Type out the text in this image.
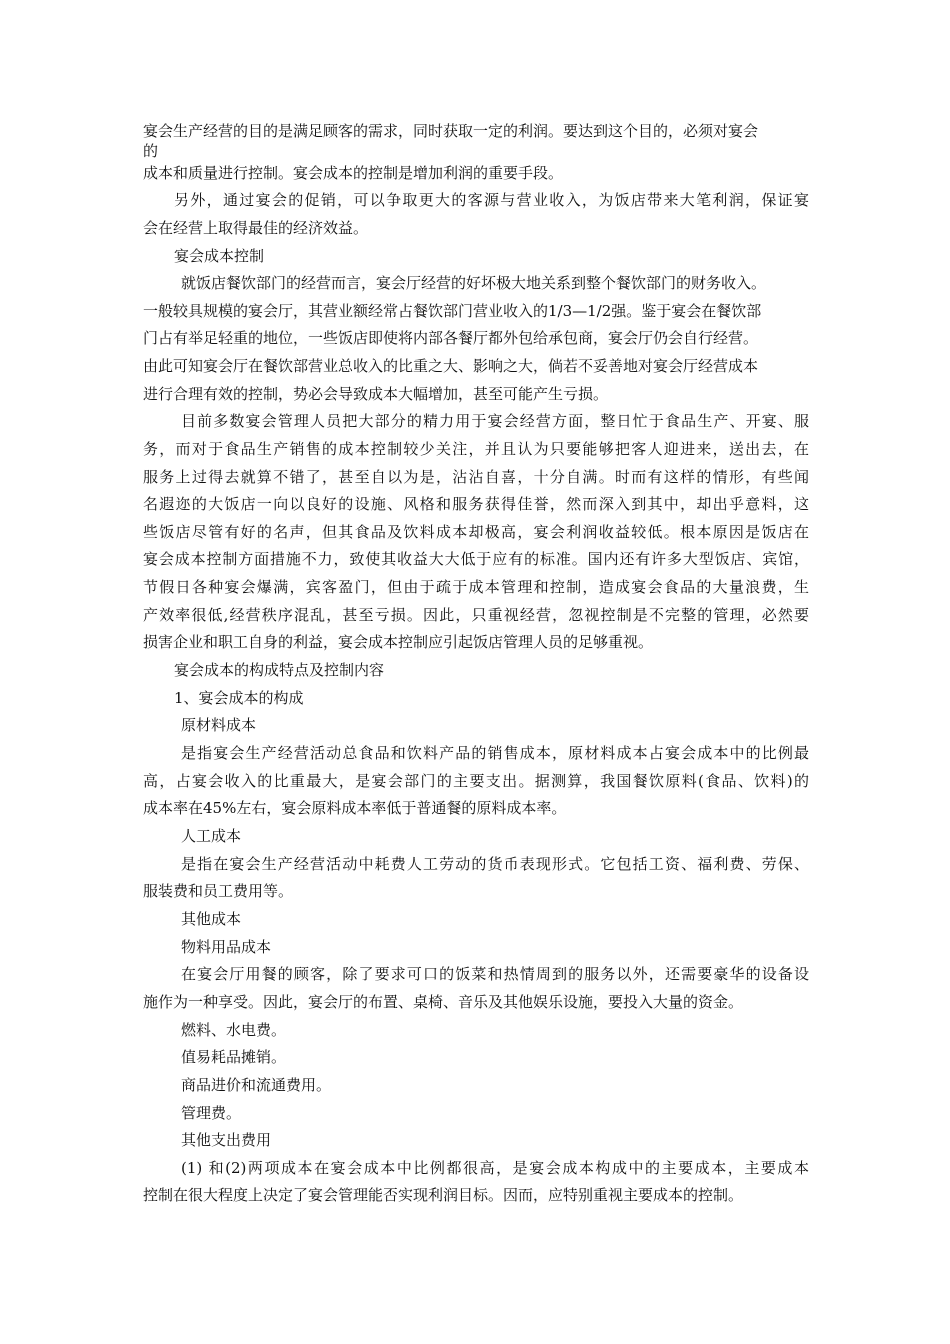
宴会生产经营的目的是满足顾客的需求，同时获取一定的利润。要达到这个目的，必须对宴会
的
成本和质量进行控制。宴会成本的控制是增加利润的重要手段。
另外，通过宴会的促销，可以争取更大的客源与营业收入，为饭店带来大笔利润，保证宴
会在经营上取得最佳的经济效益。
宴会成本控制
就饭店餐饮部门的经营而言，宴会厅经营的好坏极大地关系到整个餐饮部门的财务收入。
一般较具规模的宴会厅，其营业额经常占餐饮部门营业收入的1/3—1/2强。鉴于宴会在餐饮部
门占有举足轻重的地位，一些饭店即使将内部各餐厅都外包给承包商，宴会厅仍会自行经营。
由此可知宴会厅在餐饮部营业总收入的比重之大、影响之大，倘若不妥善地对宴会厅经营成本
进行合理有效的控制，势必会导致成本大幅增加，甚至可能产生亏损。
目前多数宴会管理人员把大部分的精力用于宴会经营方面，整日忙于食品生产、开宴、服
务，而对于食品生产销售的成本控制较少关注，并且认为只要能够把客人迎进来，送出去，在
服务上过得去就算不错了，甚至自以为是，沾沾自喜，十分自满。时而有这样的情形，有些闻
名遐迩的大饭店一向以良好的设施、风格和服务获得佳誉，然而深入到其中，却出乎意料，这
些饭店尽管有好的名声，但其食品及饮料成本却极高，宴会利润收益较低。根本原因是饭店在
宴会成本控制方面措施不力，致使其收益大大低于应有的标准。国内还有许多大型饭店、宾馆，
节假日各种宴会爆满，宾客盈门，但由于疏于成本管理和控制，造成宴会食品的大量浪费，生
产效率很低,经营秩序混乱，甚至亏损。因此，只重视经营，忽视控制是不完整的管理，必然要
损害企业和职工自身的利益，宴会成本控制应引起饭店管理人员的足够重视。
宴会成本的构成特点及控制内容
1、宴会成本的构成
原材料成本
是指宴会生产经营活动总食品和饮料产品的销售成本，原材料成本占宴会成本中的比例最
高，占宴会收入的比重最大，是宴会部门的主要支出。据测算，我国餐饮原料(食品、饮料)的
成本率在45%左右，宴会原料成本率低于普通餐的原料成本率。
人工成本
是指在宴会生产经营活动中耗费人工劳动的货币表现形式。它包括工资、福利费、劳保、
服装费和员工费用等。
其他成本
物料用品成本
在宴会厅用餐的顾客，除了要求可口的饭菜和热情周到的服务以外，还需要豪华的设备设
施作为一种享受。因此，宴会厅的布置、桌椅、音乐及其他娱乐设施，要投入大量的资金。
燃料、水电费。
值易耗品摊销。
商品进价和流通费用。
管理费。
其他支出费用
(1) 和(2)两项成本在宴会成本中比例都很高，是宴会成本构成中的主要成本，主要成本
控制在很大程度上决定了宴会管理能否实现利润目标。因而，应特别重视主要成本的控制。
